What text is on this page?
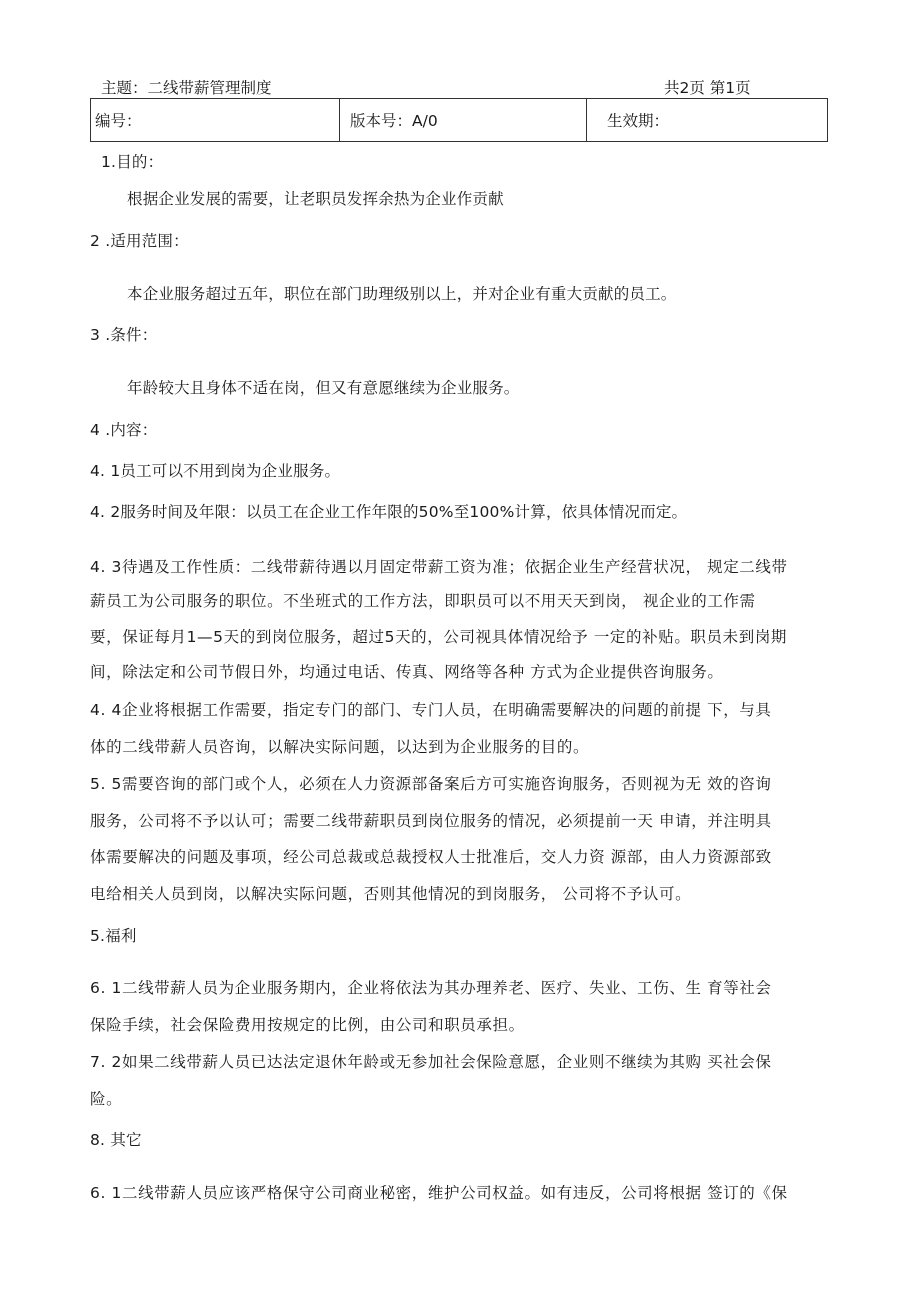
主题：二线带薪管理制度	共2页 第1页
编号：	版本号：A/0	生效期：
1.目的：
根据企业发展的需要，让老职员发挥余热为企业作贡献
2 .适用范围：
本企业服务超过五年，职位在部门助理级别以上，并对企业有重大贡献的员工。
3 .条件：
年龄较大且身体不适在岗，但又有意愿继续为企业服务。
4 .内容：
4. 1员工可以不用到岗为企业服务。
4. 2服务时间及年限：以员工在企业工作年限的50%至100%计算，依具体情况而定。
4. 3待遇及工作性质：二线带薪待遇以月固定带薪工资为准；依据企业生产经营状况， 规定二线带
薪员工为公司服务的职位。不坐班式的工作方法，即职员可以不用天天到岗， 视企业的工作需
要，保证每月1—5天的到岗位服务，超过5天的，公司视具体情况给予 一定的补贴。职员未到岗期
间，除法定和公司节假日外，均通过电话、传真、网络等各种 方式为企业提供咨询服务。
4. 4企业将根据工作需要，指定专门的部门、专门人员，在明确需要解决的问题的前提 下，与具
体的二线带薪人员咨询，以解决实际问题，以达到为企业服务的目的。
5. 5需要咨询的部门或个人，必须在人力资源部备案后方可实施咨询服务，否则视为无 效的咨询
服务，公司将不予以认可；需要二线带薪职员到岗位服务的情况，必须提前一天 申请，并注明具
体需要解决的问题及事项，经公司总裁或总裁授权人士批准后，交人力资 源部，由人力资源部致
电给相关人员到岗，以解决实际问题，否则其他情况的到岗服务， 公司将不予认可。
5.福利
6. 1二线带薪人员为企业服务期内，企业将依法为其办理养老、医疗、失业、工伤、生 育等社会
保险手续，社会保险费用按规定的比例，由公司和职员承担。
7. 2如果二线带薪人员已达法定退休年龄或无参加社会保险意愿，企业则不继续为其购 买社会保
险。
8. 其它
6. 1二线带薪人员应该严格保守公司商业秘密，维护公司权益。如有违反，公司将根据 签订的《保
